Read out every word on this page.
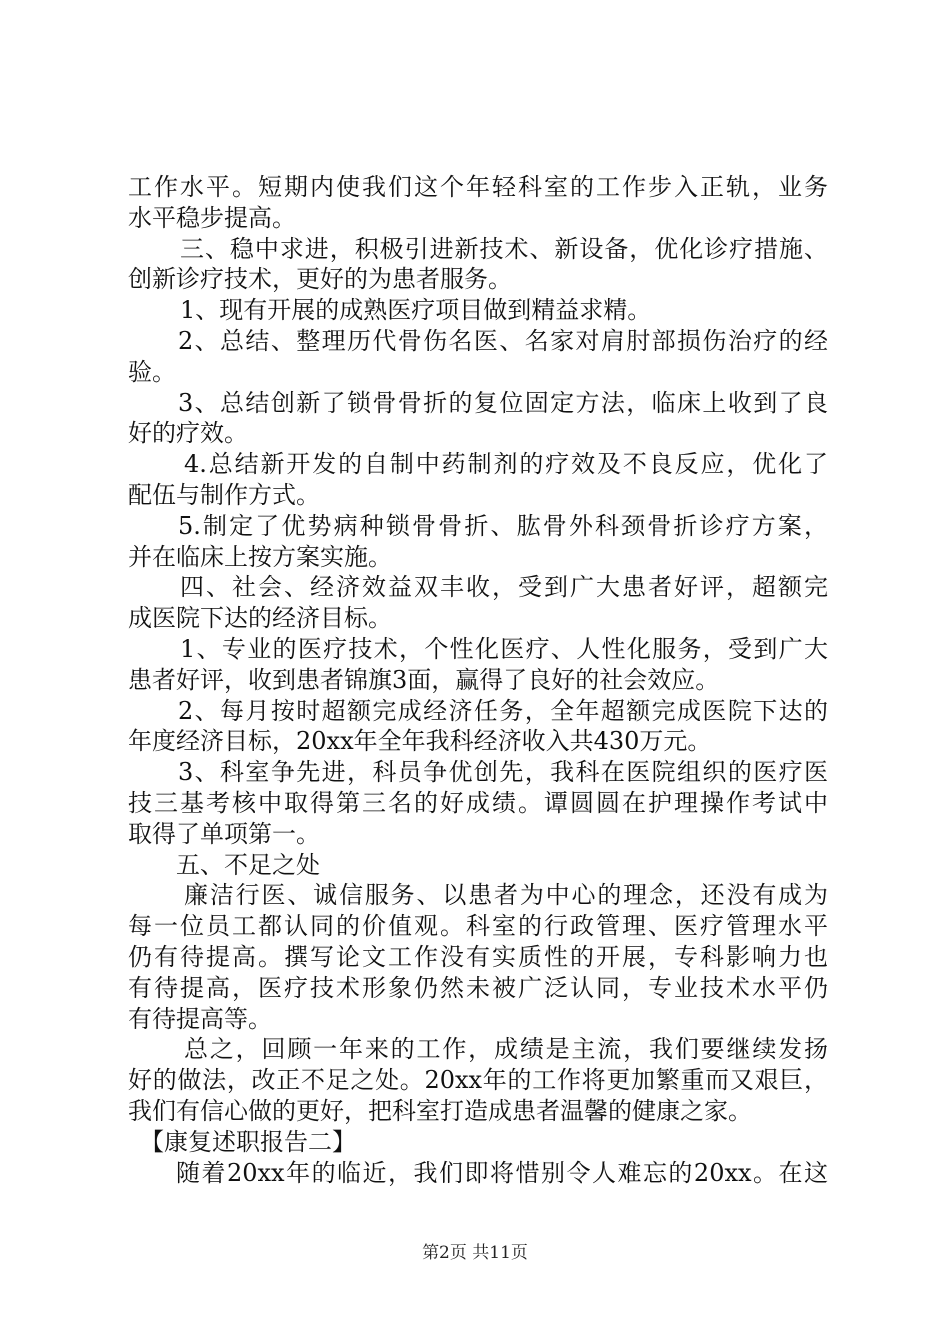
工作水平。短期内使我们这个年轻科室的工作步入正轨，业务
水平稳步提高。
三、稳中求进，积极引进新技术、新设备，优化诊疗措施、
创新诊疗技术，更好的为患者服务。
1、现有开展的成熟医疗项目做到精益求精。
2、总结、整理历代骨伤名医、名家对肩肘部损伤治疗的经
验。
3、总结创新了锁骨骨折的复位固定方法，临床上收到了良
好的疗效。
4.总结新开发的自制中药制剂的疗效及不良反应，优化了
配伍与制作方式。
5.制定了优势病种锁骨骨折、肱骨外科颈骨折诊疗方案，
并在临床上按方案实施。
四、社会、经济效益双丰收，受到广大患者好评，超额完
成医院下达的经济目标。
1、专业的医疗技术，个性化医疗、人性化服务，受到广大
患者好评，收到患者锦旗3面，赢得了良好的社会效应。
2、每月按时超额完成经济任务，全年超额完成医院下达的
年度经济目标，20xx年全年我科经济收入共430万元。
3、科室争先进，科员争优创先，我科在医院组织的医疗医
技三基考核中取得第三名的好成绩。谭圆圆在护理操作考试中
取得了单项第一。
五、不足之处
廉洁行医、诚信服务、以患者为中心的理念，还没有成为
每一位员工都认同的价值观。科室的行政管理、医疗管理水平
仍有待提高。撰写论文工作没有实质性的开展，专科影响力也
有待提高，医疗技术形象仍然未被广泛认同，专业技术水平仍
有待提高等。
总之，回顾一年来的工作，成绩是主流，我们要继续发扬
好的做法，改正不足之处。20xx年的工作将更加繁重而又艰巨，
我们有信心做的更好，把科室打造成患者温馨的健康之家。
【康复述职报告二】
随着20xx年的临近，我们即将惜别令人难忘的20xx。在这
第2页 共11页
